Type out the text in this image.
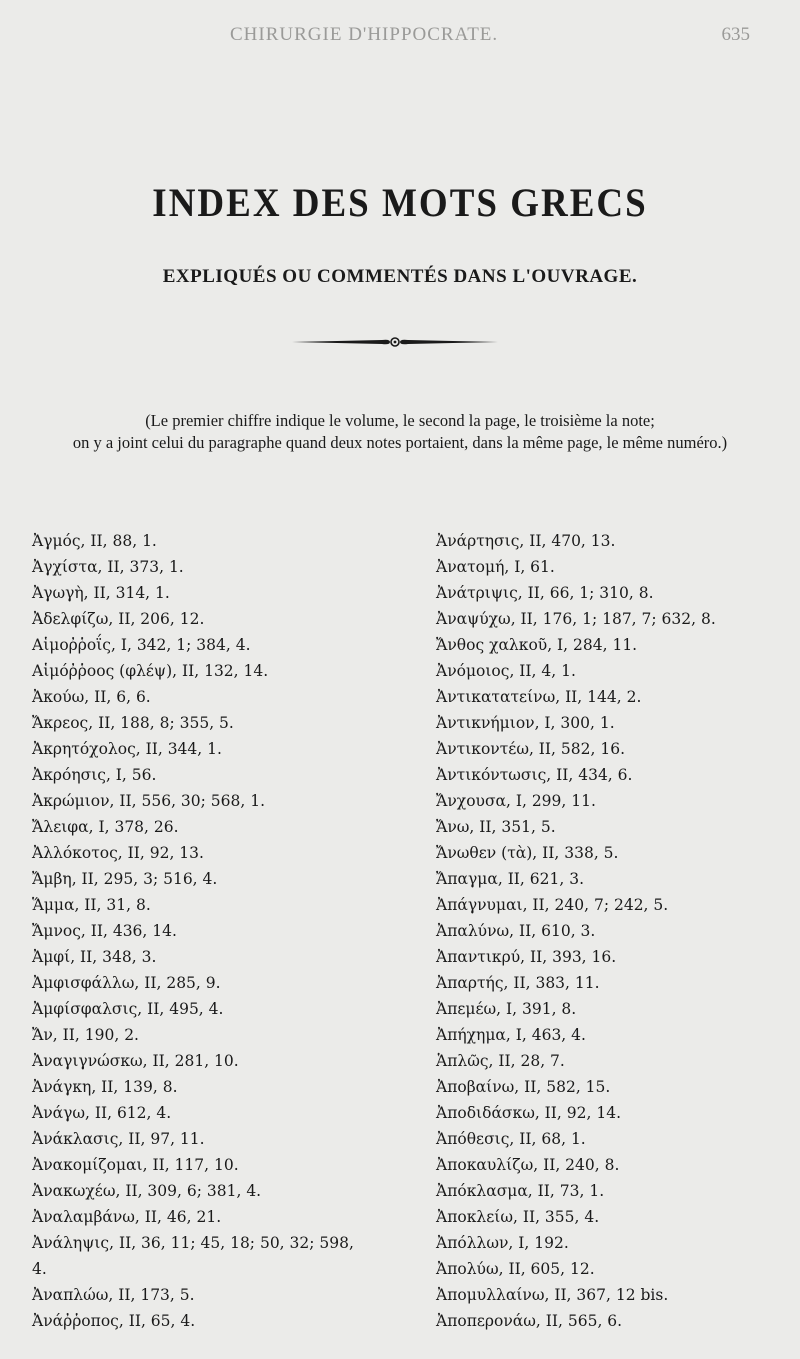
CHIRURGIE D'HIPPOCRATE.	635
INDEX DES MOTS GRECS
EXPLIQUÉS OU COMMENTÉS DANS L'OUVRAGE.
(Le premier chiffre indique le volume, le second la page, le troisième la note;
on y a joint celui du paragraphe quand deux notes portaient, dans la même page, le même numéro.)
Ἀγμός, II, 88, 1.
Ἀγχίστα, II, 373, 1.
Ἀγωγὴ, II, 314, 1.
Ἀδελφίζω, II, 206, 12.
Αἱμοῤῥοΐς, I, 342, 1; 384, 4.
Αἱμόῤῥοος (φλέψ), II, 132, 14.
Ἀκούω, II, 6, 6.
Ἄκρεος, II, 188, 8; 355, 5.
Ἀκρητόχολος, II, 344, 1.
Ἀκρόησις, I, 56.
Ἀκρώμιον, II, 556, 30; 568, 1.
Ἄλειφα, I, 378, 26.
Ἀλλόκοτος, II, 92, 13.
Ἄμβη, II, 295, 3; 516, 4.
Ἅμμα, II, 31, 8.
Ἄμνος, II, 436, 14.
Ἀμφί, II, 348, 3.
Ἀμφισφάλλω, II, 285, 9.
Ἀμφίσφαλσις, II, 495, 4.
Ἄν, II, 190, 2.
Ἀναγιγνώσκω, II, 281, 10.
Ἀνάγκη, II, 139, 8.
Ἀνάγω, II, 612, 4.
Ἀνάκλασις, II, 97, 11.
Ἀνακομίζομαι, II, 117, 10.
Ἀνακωχέω, II, 309, 6; 381, 4.
Ἀναλαμβάνω, II, 46, 21.
Ἀνάληψις, II, 36, 11; 45, 18; 50, 32; 598,
4.
Ἀναπλώω, II, 173, 5.
Ἀνάῤῥοπος, II, 65, 4.
Ἀνάρτησις, II, 470, 13.
Ἀνατομή, I, 61.
Ἀνάτριψις, II, 66, 1; 310, 8.
Ἀναψύχω, II, 176, 1; 187, 7; 632, 8.
Ἄνθος χαλκοῦ, I, 284, 11.
Ἀνόμοιος, II, 4, 1.
Ἀντικατατείνω, II, 144, 2.
Ἀντικνήμιον, I, 300, 1.
Ἀντικοντέω, II, 582, 16.
Ἀντικόντωσις, II, 434, 6.
Ἄνχουσα, I, 299, 11.
Ἄνω, II, 351, 5.
Ἄνωθεν (τὰ), II, 338, 5.
Ἄπαγμα, II, 621, 3.
Ἀπάγνυμαι, II, 240, 7; 242, 5.
Ἀπαλύνω, II, 610, 3.
Ἀπαντικρύ, II, 393, 16.
Ἀπαρτής, II, 383, 11.
Ἀπεμέω, I, 391, 8.
Ἀπήχημα, I, 463, 4.
Ἁπλῶς, II, 28, 7.
Ἀποβαίνω, II, 582, 15.
Ἀποδιδάσκω, II, 92, 14.
Ἀπόθεσις, II, 68, 1.
Ἀποκαυλίζω, II, 240, 8.
Ἀπόκλασμα, II, 73, 1.
Ἀποκλείω, II, 355, 4.
Ἀπόλλων, I, 192.
Ἀπολύω, II, 605, 12.
Ἀπομυλλαίνω, II, 367, 12 bis.
Ἀποπερονάω, II, 565, 6.
